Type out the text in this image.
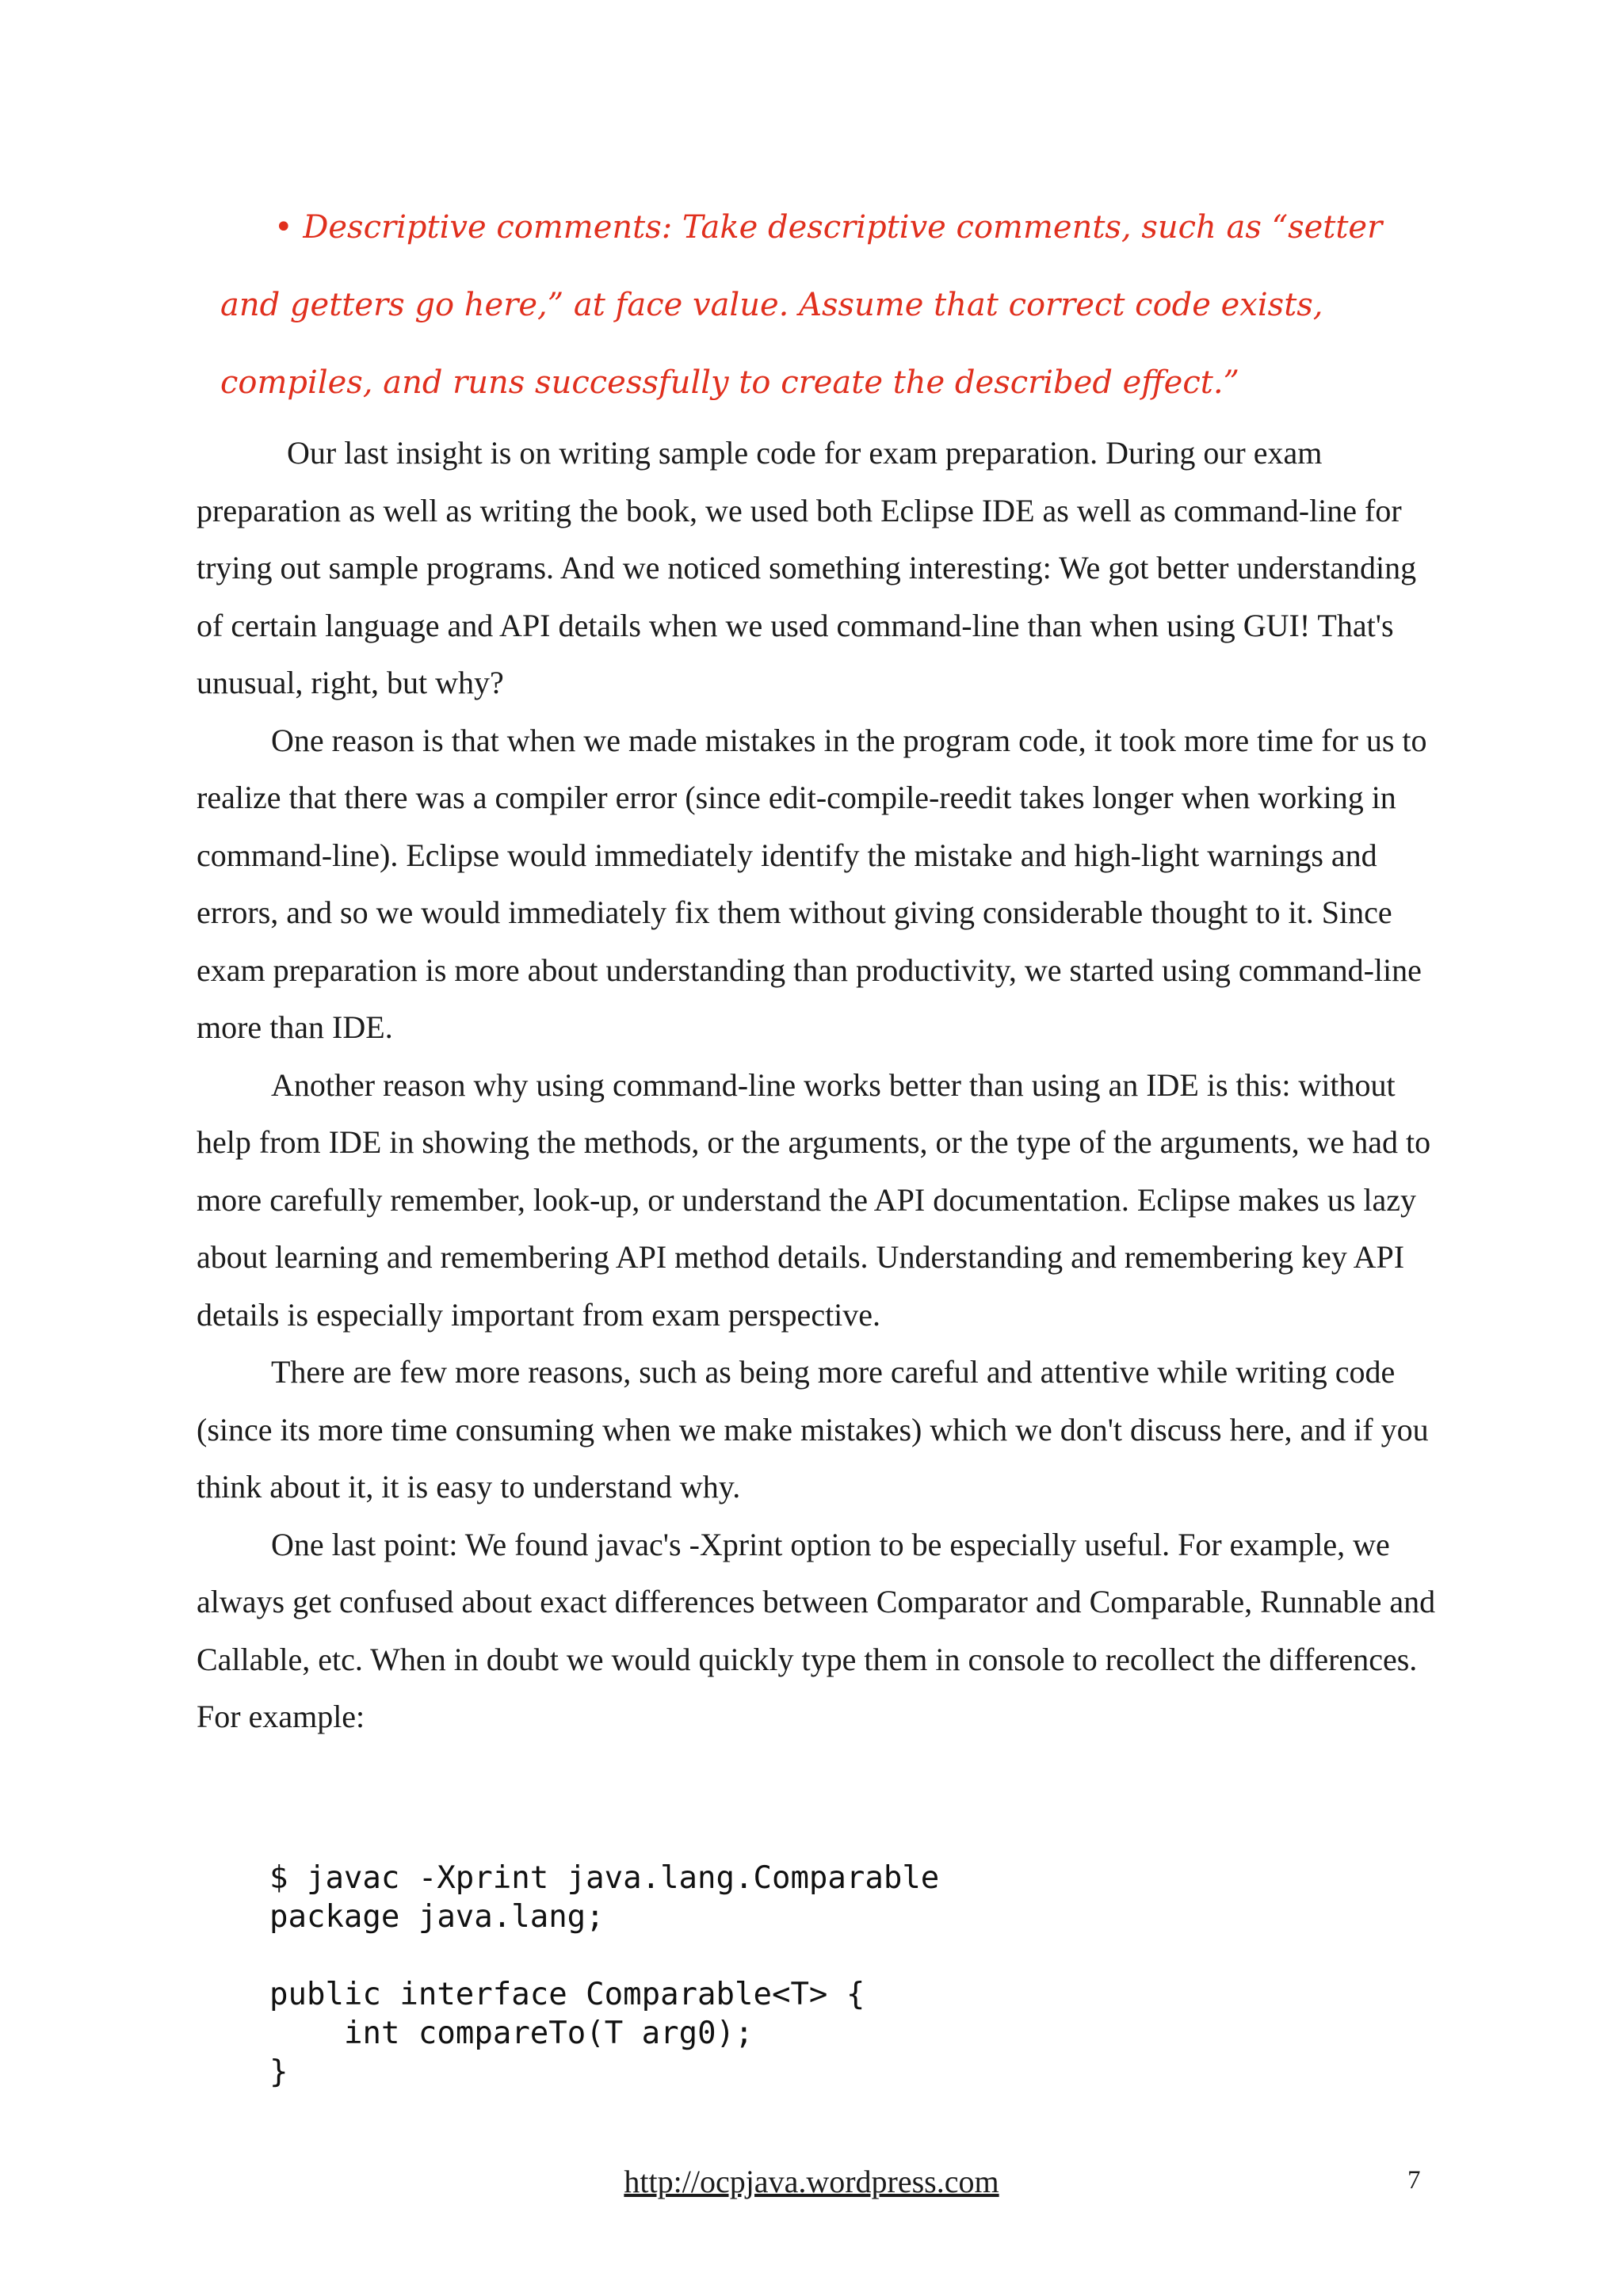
• Descriptive comments: Take descriptive comments, such as “setter and getters go here,” at face value. Assume that correct code exists, compiles, and runs successfully to create the described effect.”

Our last insight is on writing sample code for exam preparation. During our exam preparation as well as writing the book, we used both Eclipse IDE as well as command-line for trying out sample programs. And we noticed something interesting: We got better understanding of certain language and API details when we used command-line than when using GUI! That's unusual, right, but why?

One reason is that when we made mistakes in the program code, it took more time for us to realize that there was a compiler error (since edit-compile-reedit takes longer when working in command-line). Eclipse would immediately identify the mistake and high-light warnings and errors, and so we would immediately fix them without giving considerable thought to it. Since exam preparation is more about understanding than productivity, we started using command-line more than IDE.

Another reason why using command-line works better than using an IDE is this: without help from IDE in showing the methods, or the arguments, or the type of the arguments, we had to more carefully remember, look-up, or understand the API documentation. Eclipse makes us lazy about learning and remembering API method details. Understanding and remembering key API details is especially important from exam perspective.

There are few more reasons, such as being more careful and attentive while writing code (since its more time consuming when we make mistakes) which we don't discuss here, and if you think about it, it is easy to understand why.

One last point: We found javac's -Xprint option to be especially useful. For example, we always get confused about exact differences between Comparator and Comparable, Runnable and Callable, etc. When in doubt we would quickly type them in console to recollect the differences. For example:

$ javac -Xprint java.lang.Comparable
package java.lang;
public interface Comparable<T> {
int compareTo(T arg0);
}
http://ocpjava.wordpress.com	7
